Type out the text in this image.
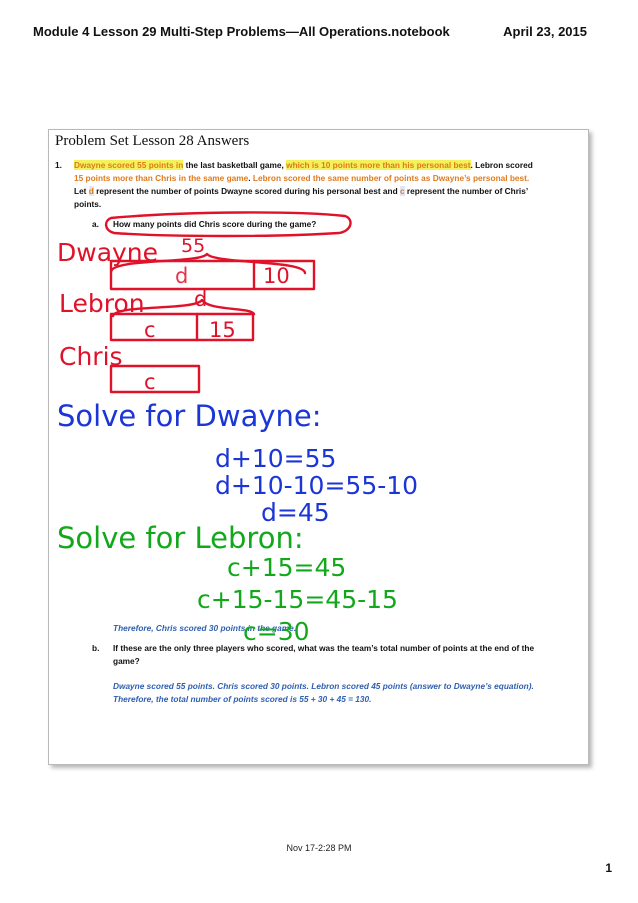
Module 4 Lesson 29 Multi-Step Problems—All Operations.notebook	April 23, 2015
Problem Set Lesson 28 Answers
1. Dwayne scored 55 points in the last basketball game, which is 10 points more than his personal best. Lebron scored
15 points more than Chris in the same game. Lebron scored the same number of points as Dwayne’s personal best.
Let d represent the number of points Dwayne scored during his personal best and c represent the number of Chris’
points.
a. How many points did Chris score during the game?
Therefore, Chris scored 30 points in the game.
b. If these are the only three players who scored, what was the team’s total number of points at the end of the
game?
Dwayne scored 55 points. Chris scored 30 points. Lebron scored 45 points (answer to Dwayne’s equation).
Therefore, the total number of points scored is 55 + 30 + 45 = 130.
Dwayne 55
d	10
Lebron d
c	15
Chris
c
Solve for Dwayne:
d+10=55
d+10-10=55-10
d=45
Solve for Lebron:
c+15=45
c+15-15=45-15
c=30
Nov 17-2:28 PM
1
